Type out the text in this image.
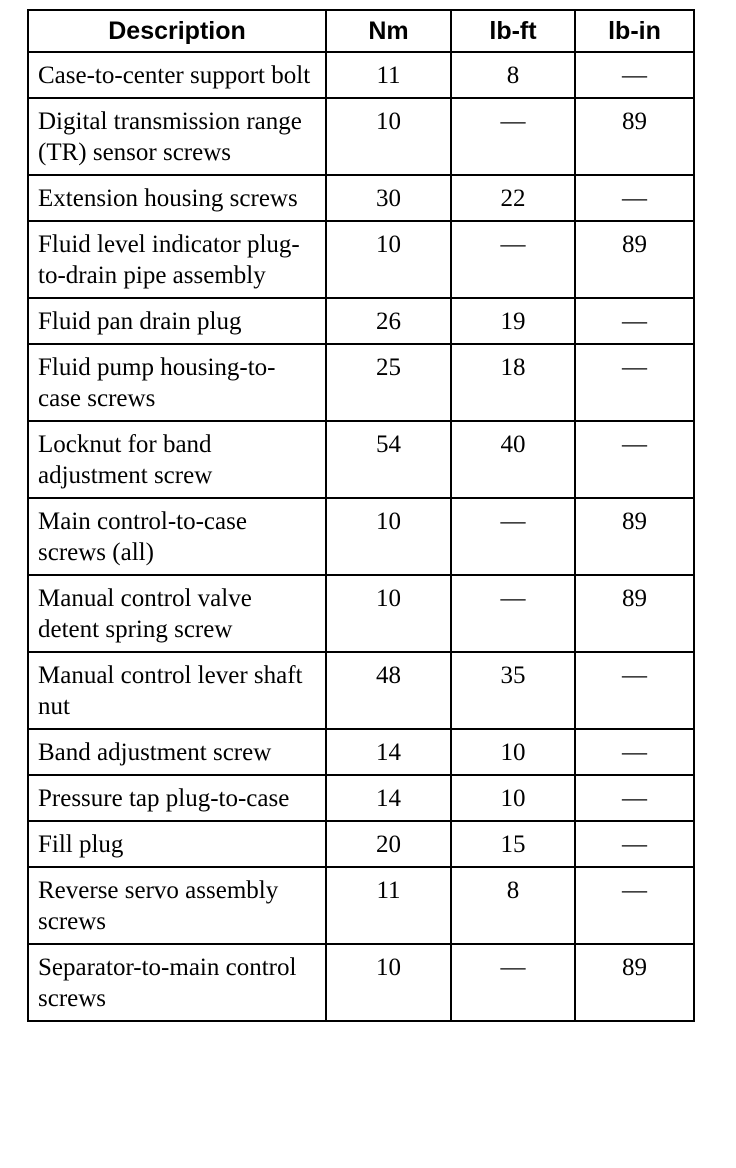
Description	Nm	lb-ft	lb-in
Case-to-center support bolt	11	8	—
Digital transmission range (TR) sensor screws	10	—	89
Extension housing screws	30	22	—
Fluid level indicator plug-to-drain pipe assembly	10	—	89
Fluid pan drain plug	26	19	—
Fluid pump housing-to-case screws	25	18	—
Locknut for band adjustment screw	54	40	—
Main control-to-case screws (all)	10	—	89
Manual control valve detent spring screw	10	—	89
Manual control lever shaft nut	48	35	—
Band adjustment screw	14	10	—
Pressure tap plug-to-case	14	10	—
Fill plug	20	15	—
Reverse servo assembly screws	11	8	—
Separator-to-main control screws	10	—	89
